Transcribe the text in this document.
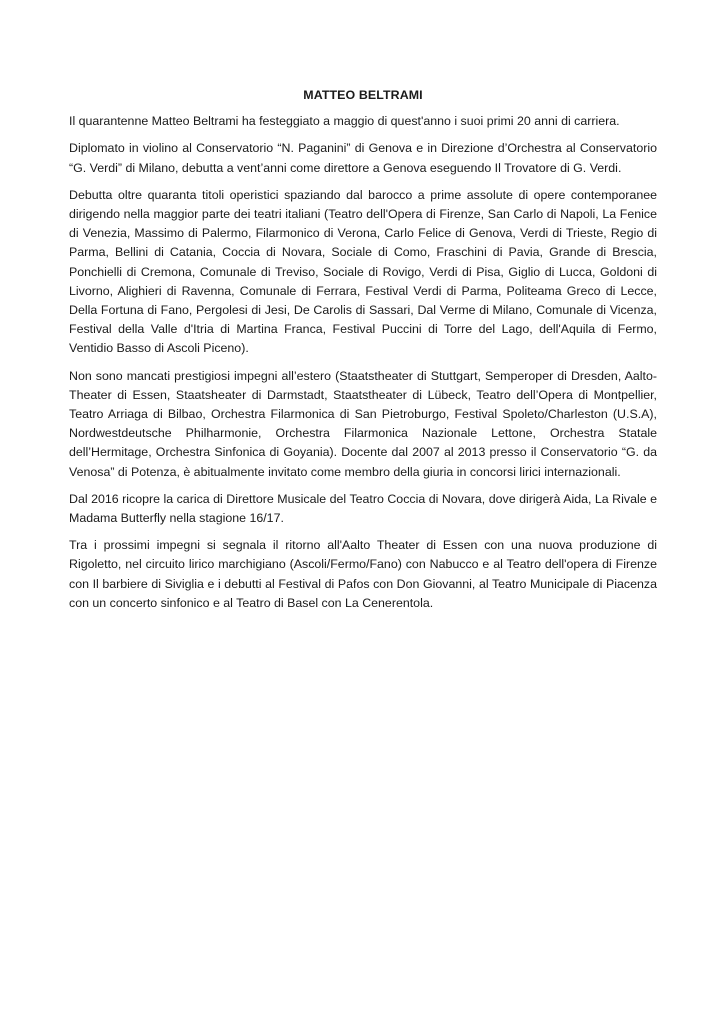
MATTEO BELTRAMI

Il quarantenne Matteo Beltrami ha festeggiato a maggio di quest'anno i suoi primi 20 anni di carriera.

Diplomato in violino al Conservatorio “N. Paganini” di Genova e in Direzione d’Orchestra al Conservatorio “G. Verdi” di Milano, debutta a vent’anni come direttore a Genova eseguendo Il Trovatore di G. Verdi.

Debutta oltre quaranta titoli operistici spaziando dal barocco a prime assolute di opere contemporanee dirigendo nella maggior parte dei teatri italiani (Teatro dell'Opera di Firenze, San Carlo di Napoli, La Fenice di Venezia, Massimo di Palermo, Filarmonico di Verona, Carlo Felice di Genova, Verdi di Trieste, Regio di Parma, Bellini di Catania, Coccia di Novara, Sociale di Como, Fraschini di Pavia, Grande di Brescia, Ponchielli di Cremona, Comunale di Treviso, Sociale di Rovigo, Verdi di Pisa, Giglio di Lucca, Goldoni di Livorno, Alighieri di Ravenna, Comunale di Ferrara, Festival Verdi di Parma, Politeama Greco di Lecce, Della Fortuna di Fano, Pergolesi di Jesi, De Carolis di Sassari, Dal Verme di Milano, Comunale di Vicenza, Festival della Valle d'Itria di Martina Franca, Festival Puccini di Torre del Lago, dell'Aquila di Fermo, Ventidio Basso di Ascoli Piceno).

Non sono mancati prestigiosi impegni all’estero (Staatstheater di Stuttgart, Semperoper di Dresden, Aalto-Theater di Essen, Staatsheater di Darmstadt, Staatstheater di Lübeck, Teatro dell’Opera di Montpellier, Teatro Arriaga di Bilbao, Orchestra Filarmonica di San Pietroburgo, Festival Spoleto/Charleston (U.S.A), Nordwestdeutsche Philharmonie, Orchestra Filarmonica Nazionale Lettone, Orchestra Statale dell’Hermitage, Orchestra Sinfonica di Goyania). Docente dal 2007 al 2013 presso il Conservatorio “G. da Venosa” di Potenza, è abitualmente invitato come membro della giuria in concorsi lirici internazionali.

Dal 2016 ricopre la carica di Direttore Musicale del Teatro Coccia di Novara, dove dirigerà Aida, La Rivale e Madama Butterfly nella stagione 16/17.

Tra i prossimi impegni si segnala il ritorno all'Aalto Theater di Essen con una nuova produzione di Rigoletto, nel circuito lirico marchigiano (Ascoli/Fermo/Fano) con Nabucco e al Teatro dell'opera di Firenze con Il barbiere di Siviglia e i debutti al Festival di Pafos con Don Giovanni, al Teatro Municipale di Piacenza con un concerto sinfonico e al Teatro di Basel con La Cenerentola.
